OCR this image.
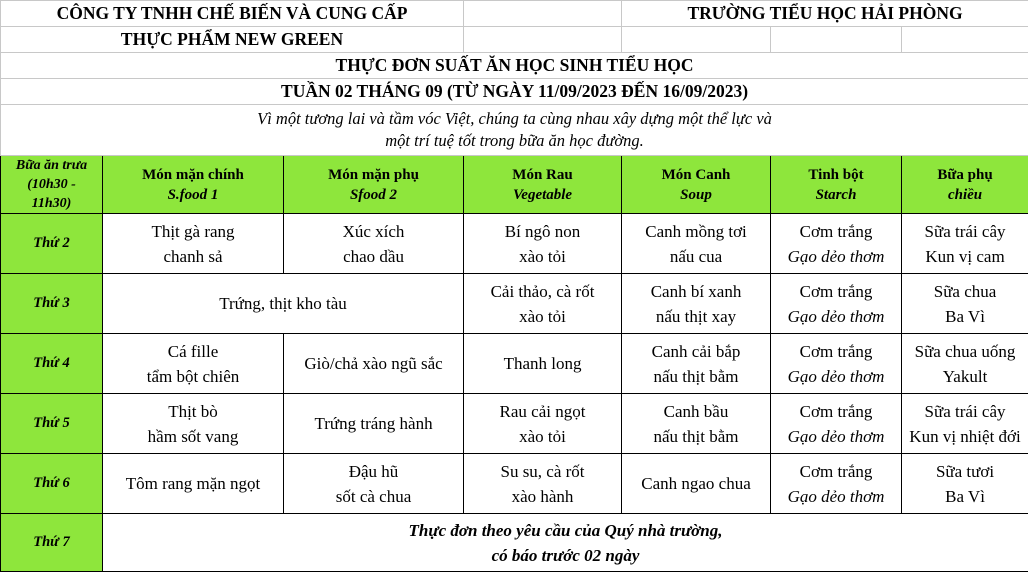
CÔNG TY TNHH CHẾ BIẾN VÀ CUNG CẤP				TRƯỜNG TIỂU HỌC HẢI PHÒNG		
THỰC PHẨM NEW GREEN						
THỰC ĐƠN SUẤT ĂN HỌC SINH TIỂU HỌC						
TUẦN 02 THÁNG 09 (TỪ NGÀY 11/09/2023 ĐẾN 16/09/2023)						

Vì một tương lai và tầm vóc Việt, chúng ta cùng nhau xây dựng một thể lực và
một trí tuệ tốt trong bữa ăn học đường.						

Bữa ăn trưa
(10h30 -
11h30)	Món mặn chính
S.food 1	Món mặn phụ
Sfood 2	Món Rau
Vegetable	Món Canh
Soup	Tinh bột
Starch	Bữa phụ
chiều

Thứ 2	Thịt gà rang
chanh sả	Xúc xích
chao dầu	Bí ngô non
xào tỏi	Canh mồng tơi
nấu cua	Cơm trắng
Gạo dẻo thơm	Sữa trái cây
Kun vị cam

Thứ 3	Trứng, thịt kho tàu		Cải thảo, cà rốt
xào tỏi	Canh bí xanh
nấu thịt xay	Cơm trắng
Gạo dẻo thơm	Sữa chua
Ba Vì

Thứ 4	Cá fille
tẩm bột chiên	Giò/chả xào ngũ sắc	Thanh long	Canh cải bắp
nấu thịt bằm	Cơm trắng
Gạo dẻo thơm	Sữa chua uống
Yakult

Thứ 5	Thịt bò
hầm sốt vang	Trứng tráng hành	Rau cải ngọt
xào tỏi	Canh bầu
nấu thịt bằm	Cơm trắng
Gạo dẻo thơm	Sữa trái cây
Kun vị nhiệt đới

Thứ 6	Tôm rang mặn ngọt	Đậu hũ
sốt cà chua	Su su, cà rốt
xào hành	Canh ngao chua	Cơm trắng
Gạo dẻo thơm	Sữa tươi
Ba Vì

Thứ 7	Thực đơn theo yêu cầu của Quý nhà trường,
có báo trước 02 ngày					
